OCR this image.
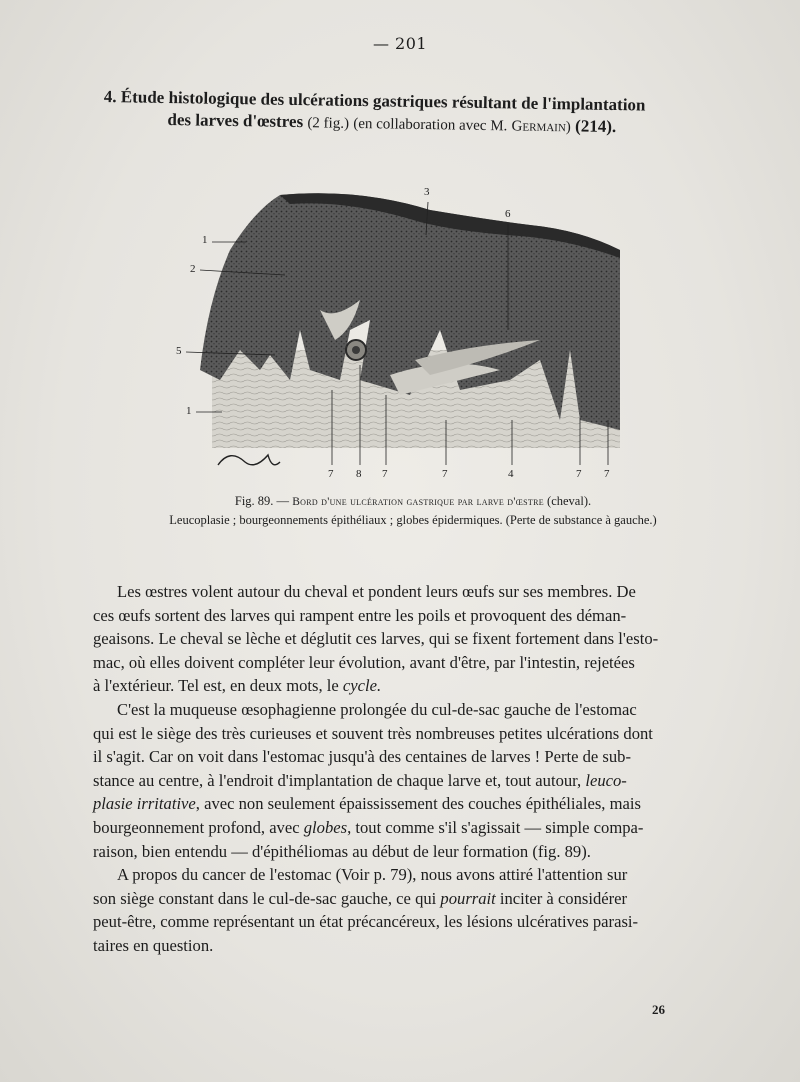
— 201
4. Étude histologique des ulcérations gastriques résultant de l'implantation
des larves d'œstres (2 fig.) (en collaboration avec M. Germain) (214).
1
2
5
1
3
6
7 8 7	7	4	7 7
Fig. 89. — Bord d'une ulcération gastrique par larve d'œstre (cheval).
Leucoplasie ; bourgeonnements épithéliaux ; globes épidermiques. (Perte de substance à gauche.)

Les œstres volent autour du cheval et pondent leurs œufs sur ses membres. De
ces œufs sortent des larves qui rampent entre les poils et provoquent des déman-
geaisons. Le cheval se lèche et déglutit ces larves, qui se fixent fortement dans l'esto-
mac, où elles doivent compléter leur évolution, avant d'être, par l'intestin, rejetées
à l'extérieur. Tel est, en deux mots, le cycle.

C'est la muqueuse œsophagienne prolongée du cul-de-sac gauche de l'estomac
qui est le siège des très curieuses et souvent très nombreuses petites ulcérations dont
il s'agit. Car on voit dans l'estomac jusqu'à des centaines de larves ! Perte de sub-
stance au centre, à l'endroit d'implantation de chaque larve et, tout autour, leuco-
plasie irritative, avec non seulement épaississement des couches épithéliales, mais
bourgeonnement profond, avec globes, tout comme s'il s'agissait — simple compa-
raison, bien entendu — d'épithéliomas au début de leur formation (fig. 89).

A propos du cancer de l'estomac (Voir p. 79), nous avons attiré l'attention sur
son siège constant dans le cul-de-sac gauche, ce qui pourrait inciter à considérer
peut-être, comme représentant un état précancéreux, les lésions ulcératives parasi-
taires en question.

26
